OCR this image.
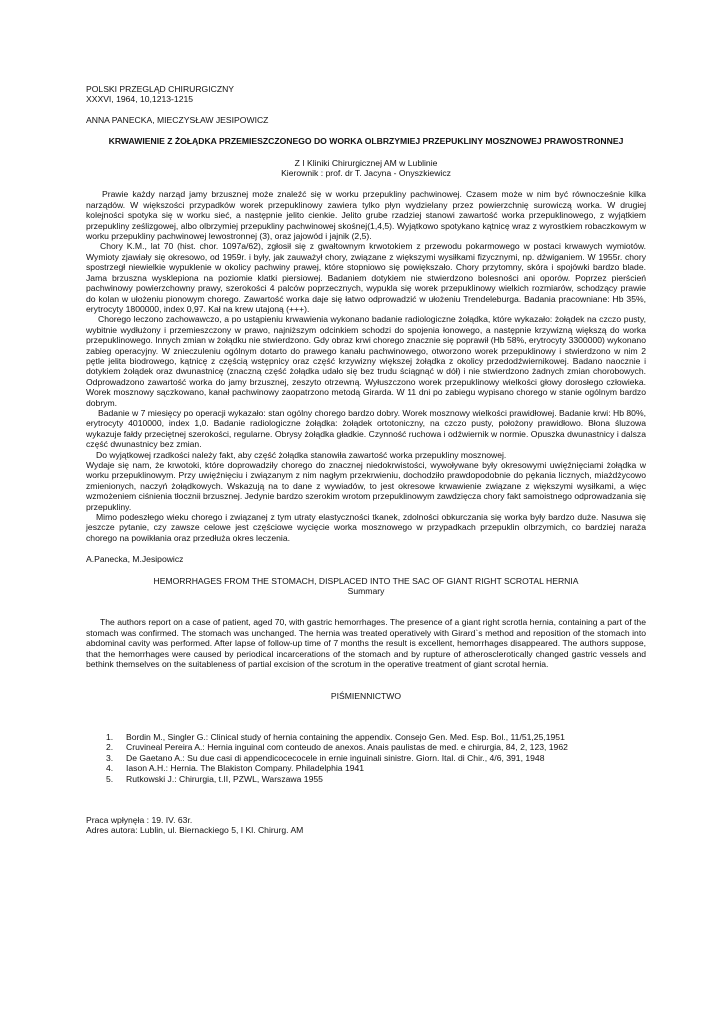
POLSKI PRZEGLĄD CHIRURGICZNY

XXXVI, 1964, 10,1213-1215

ANNA PANECKA, MIECZYSŁAW JESIPOWICZ

KRWAWIENIE Z ŻOŁĄDKA PRZEMIESZCZONEGO DO WORKA OLBRZYMIEJ PRZEPUKLINY MOSZNOWEJ PRAWOSTRONNEJ

Z I Kliniki Chirurgicznej AM w Lublinie

Kierownik : prof. dr T. Jacyna - Onyszkiewicz

Prawie każdy narząd jamy brzusznej może znaleźć się w worku przepukliny pachwinowej. Czasem może w nim być równocześnie kilka narządów. W większości przypadków worek przepuklinowy zawiera tylko płyn wydzielany przez powierzchnię surowiczą worka. W drugiej kolejności spotyka się w worku sieć, a następnie jelito cienkie. Jelito grube rzadziej stanowi zawartość worka przepuklinowego, z wyjątkiem przepukliny ześlizgowej, albo olbrzymiej przepukliny pachwinowej skośnej(1,4,5). Wyjątkowo spotykano kątnicę wraz z wyrostkiem robaczkowym w worku przepukliny pachwinowej lewostronnej (3), oraz jajowód i jajnik (2,5).

Chory K.M., lat 70 (hist. chor. 1097a/62), zgłosił się z gwałtownym krwotokiem z przewodu pokarmowego w postaci krwawych wymiotów. Wymioty zjawiały się okresowo, od 1959r. i były, jak zauważył chory, związane z większymi wysiłkami fizycznymi, np. dźwiganiem. W 1955r. chory spostrzegł niewielkie wypuklenie w okolicy pachwiny prawej, które stopniowo się powiększało. Chory przytomny, skóra i spojówki bardzo blade. Jama brzuszna wysklepiona na poziomie klatki piersiowej. Badaniem dotykiem nie stwierdzono bolesności ani oporów. Poprzez pierścień pachwinowy powierzchowny prawy, szerokości 4 palców poprzecznych, wypukla się worek przepuklinowy wielkich rozmiarów, schodzący prawie do kolan w ułożeniu pionowym chorego. Zawartość worka daje się łatwo odprowadzić w ułożeniu Trendeleburga. Badania pracowniane: Hb 35%, erytrocyty 1800000, index 0,97. Kał na krew utajoną (+++).

Chorego leczono zachowawczo, a po ustąpieniu krwawienia wykonano badanie radiologiczne żołądka, które wykazało: żołądek na czczo pusty, wybitnie wydłużony i przemieszczony w prawo, najniższym odcinkiem schodzi do spojenia łonowego, a następnie krzywizną większą do worka przepuklinowego. Innych zmian w żołądku nie stwierdzono. Gdy obraz krwi chorego znacznie się poprawił (Hb 58%, erytrocyty 3300000) wykonano zabieg operacyjny. W znieczuleniu ogólnym dotarto do prawego kanału pachwinowego, otworzono worek przepuklinowy i stwierdzono w nim 2 pętle jelita biodrowego, kątnicę z częścią wstępnicy oraz część krzywizny większej żołądka z okolicy przedodźwiernikowej. Badano naocznie i dotykiem żołądek oraz dwunastnicę (znaczną część żołądka udało się bez trudu ściągnąć w dół) i nie stwierdzono żadnych zmian chorobowych. Odprowadzono zawartość worka do jamy brzusznej, zeszyto otrzewną. Wyłuszczono worek przepuklinowy wielkości głowy dorosłego człowieka. Worek mosznowy sączkowano, kanał pachwinowy zaopatrzono metodą Girarda. W 11 dni po zabiegu wypisano chorego w stanie ogólnym bardzo dobrym.

Badanie w 7 miesięcy po operacji wykazało: stan ogólny chorego bardzo dobry. Worek mosznowy wielkości prawidłowej. Badanie krwi: Hb 80%, erytrocyty 4010000, index 1,0. Badanie radiologiczne żołądka: żołądek ortotoniczny, na czczo pusty, położony prawidłowo. Błona śluzowa wykazuje fałdy przeciętnej szerokości, regularne. Obrysy żołądka gładkie. Czynność ruchowa i odźwiernik w normie. Opuszka dwunastnicy i dalsza część dwunastnicy bez zmian.

Do wyjątkowej rzadkości należy fakt, aby część żołądka stanowiła zawartość worka przepukliny mosznowej.

Wydaje się nam, że krwotoki, które doprowadziły chorego do znacznej niedokrwistości, wywoływane były okresowymi uwięźnięciami żołądka w worku przepuklinowym. Przy uwięźnięciu i związanym z nim nagłym przekrwieniu, dochodziło prawdopodobnie do pękania licznych, miażdżycowo zmienionych, naczyń żołądkowych. Wskazują na to dane z wywiadów, to jest okresowe krwawienie związane z większymi wysiłkami, a więc wzmożeniem ciśnienia tłocznii brzusznej. Jedynie bardzo szerokim wrotom przepuklinowym zawdzięcza chory fakt samoistnego odprowadzania się przepukliny.

Mimo podeszłego wieku chorego i związanej z tym utraty elastyczności tkanek, zdolności obkurczania się worka były bardzo duże. Nasuwa się jeszcze pytanie, czy zawsze celowe jest częściowe wycięcie worka mosznowego w przypadkach przepuklin olbrzymich, co bardziej naraża chorego na powikłania oraz przedłuża okres leczenia.

A.Panecka, M.Jesipowicz

HEMORRHAGES FROM THE STOMACH, DISPLACED INTO THE SAC OF GIANT RIGHT SCROTAL HERNIA

Summary

The authors report on a case of patient, aged 70, with gastric hemorrhages. The presence of a giant right scrotla hernia, containing a part of the stomach was confirmed. The stomach was unchanged. The hernia was treated operatively with Girard`s method and reposition of the stomach into abdominal cavity was performed. After lapse of follow-up time of 7 months the result is excellent, hemorrhages disappeared. The authors suppose, that the hemorrhages were caused by periodical incarcerations of the stomach and by rupture of atherosclerotically changed gastric vessels and bethink themselves on the suitableness of partial excision of the scrotum in the operative treatment of giant scrotal hernia.

PIŚMIENNICTWO

1. Bordin M., Singler G.: Clinical study of hernia containing the appendix. Consejo Gen. Med. Esp. Bol., 11/51,25,1951
2. Cruvineal Pereira A.: Hernia inguinal com conteudo de anexos. Anais paulistas de med. e chirurgia, 84, 2, 123, 1962
3. De Gaetano A.: Su due casi di appendicocecocele in ernie inguinali sinistre. Giorn. Ital. di Chir., 4/6, 391, 1948
4. Iason A.H.: Hernia. The Blakiston Company. Philadelphia 1941
5. Rutkowski J.: Chirurgia, t.II, PZWL, Warszawa 1955

Praca wpłynęła : 19. IV. 63r.

Adres autora: Lublin, ul. Biernackiego 5, I Kl. Chirurg. AM
